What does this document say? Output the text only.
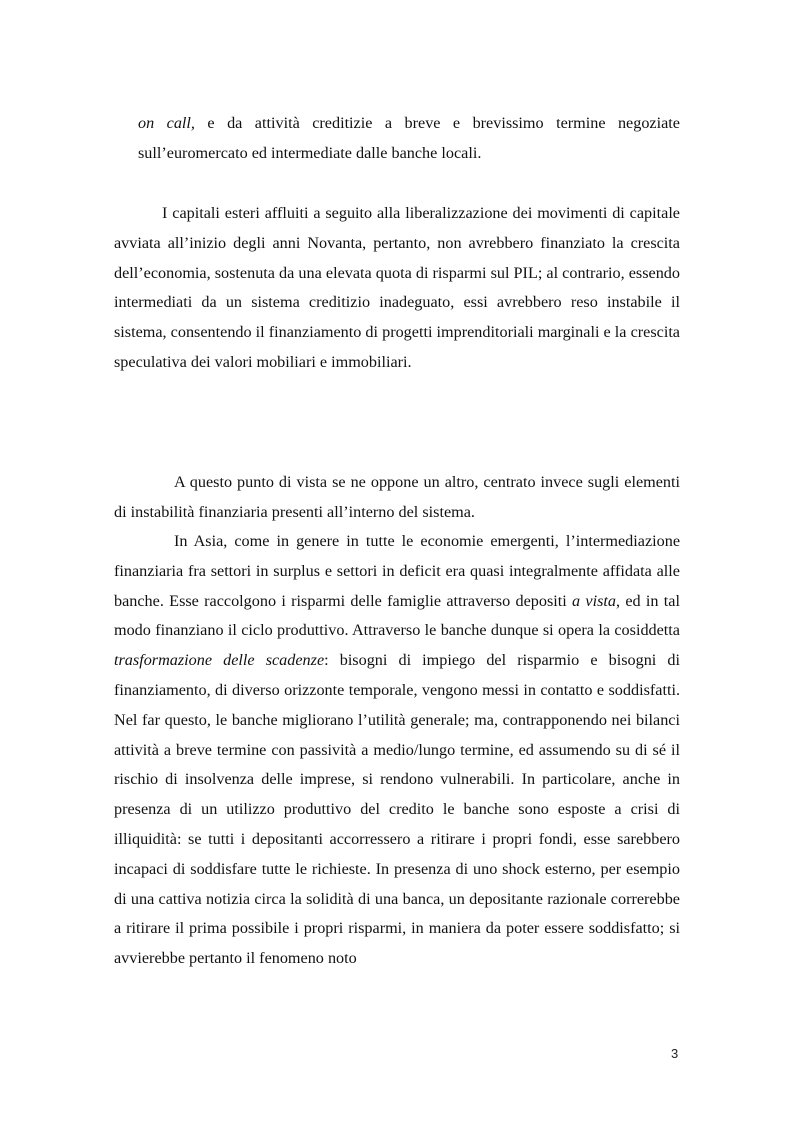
on call, e da attività creditizie a breve e brevissimo termine negoziate sull’euromercato ed intermediate dalle banche locali.

I capitali esteri affluiti a seguito alla liberalizzazione dei movimenti di capitale avviata all’inizio degli anni Novanta, pertanto, non avrebbero finanziato la crescita dell’economia, sostenuta da una elevata quota di risparmi sul PIL; al contrario, essendo intermediati da un sistema creditizio inadeguato, essi avrebbero reso instabile il sistema, consentendo il finanziamento di progetti imprenditoriali marginali e la crescita speculativa dei valori mobiliari e immobiliari.

A questo punto di vista se ne oppone un altro, centrato invece sugli elementi di instabilità finanziaria presenti all’interno del sistema.

In Asia, come in genere in tutte le economie emergenti, l’intermediazione finanziaria fra settori in surplus e settori in deficit era quasi integralmente affidata alle banche. Esse raccolgono i risparmi delle famiglie attraverso depositi a vista, ed in tal modo finanziano il ciclo produttivo. Attraverso le banche dunque si opera la cosiddetta trasformazione delle scadenze: bisogni di impiego del risparmio e bisogni di finanziamento, di diverso orizzonte temporale, vengono messi in contatto e soddisfatti. Nel far questo, le banche migliorano l’utilità generale; ma, contrapponendo nei bilanci attività a breve termine con passività a medio/lungo termine, ed assumendo su di sé il rischio di insolvenza delle imprese, si rendono vulnerabili. In particolare, anche in presenza di un utilizzo produttivo del credito le banche sono esposte a crisi di illiquidità: se tutti i depositanti accorressero a ritirare i propri fondi, esse sarebbero incapaci di soddisfare tutte le richieste. In presenza di uno shock esterno, per esempio di una cattiva notizia circa la solidità di una banca, un depositante razionale correrebbe a ritirare il prima possibile i propri risparmi, in maniera da poter essere soddisfatto; si avvierebbe pertanto il fenomeno noto

3
